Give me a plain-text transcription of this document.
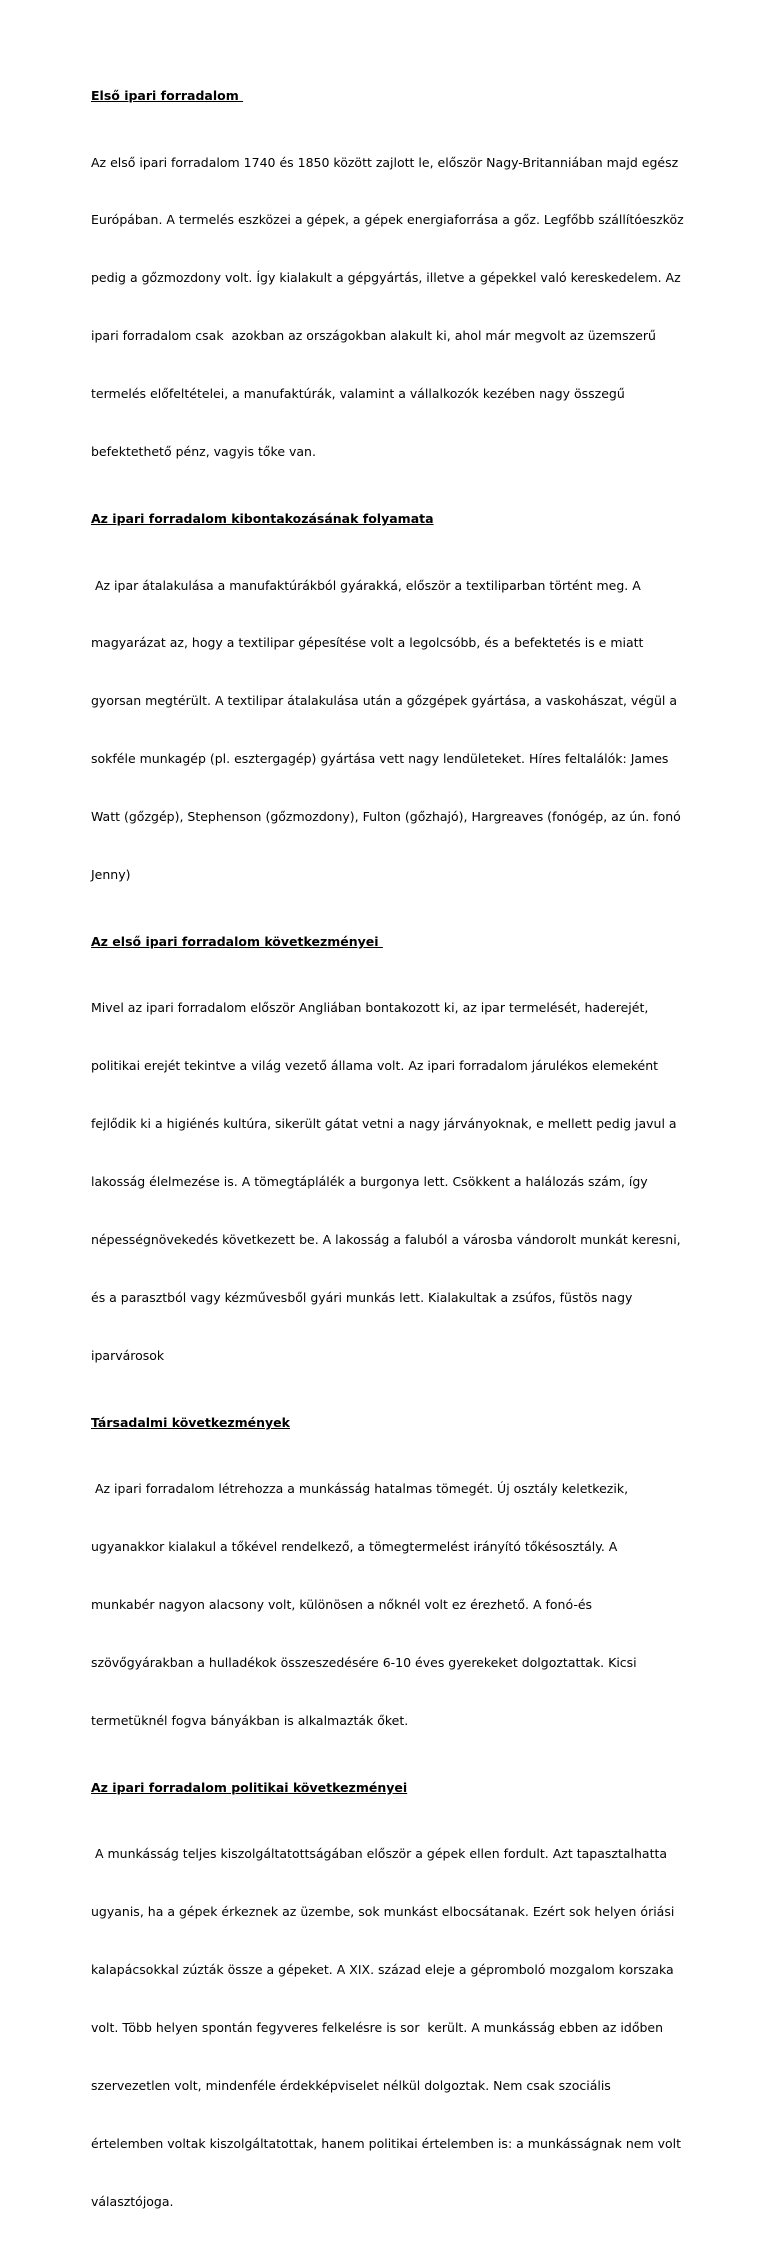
Első ipari forradalom

Az első ipari forradalom 1740 és 1850 között zajlott le, először Nagy-Britanniában majd egész

Európában. A termelés eszközei a gépek, a gépek energiaforrása a gőz. Legfőbb szállítóeszköz

pedig a gőzmozdony volt. Így kialakult a gépgyártás, illetve a gépekkel való kereskedelem. Az

ipari forradalom csak  azokban az országokban alakult ki, ahol már megvolt az üzemszerű

termelés előfeltételei, a manufaktúrák, valamint a vállalkozók kezében nagy összegű

befektethető pénz, vagyis tőke van.

Az ipari forradalom kibontakozásának folyamata

Az ipar átalakulása a manufaktúrákból gyárakká, először a textiliparban történt meg. A

magyarázat az, hogy a textilipar gépesítése volt a legolcsóbb, és a befektetés is e miatt

gyorsan megtérült. A textilipar átalakulása után a gőzgépek gyártása, a vaskohászat, végül a

sokféle munkagép (pl. esztergagép) gyártása vett nagy lendületeket. Híres feltalálók: James

Watt (gőzgép), Stephenson (gőzmozdony), Fulton (gőzhajó), Hargreaves (fonógép, az ún. fonó

Jenny)

Az első ipari forradalom következményei

Mivel az ipari forradalom először Angliában bontakozott ki, az ipar termelését, haderejét,

politikai erejét tekintve a világ vezető állama volt. Az ipari forradalom járulékos elemeként

fejlődik ki a higiénés kultúra, sikerült gátat vetni a nagy járványoknak, e mellett pedig javul a

lakosság élelmezése is. A tömegtáplálék a burgonya lett. Csökkent a halálozás szám, így

népességnövekedés következett be. A lakosság a faluból a városba vándorolt munkát keresni,

és a parasztból vagy kézművesből gyári munkás lett. Kialakultak a zsúfos, füstös nagy

iparvárosok

Társadalmi következmények

Az ipari forradalom létrehozza a munkásság hatalmas tömegét. Új osztály keletkezik,

ugyanakkor kialakul a tőkével rendelkező, a tömegtermelést irányító tőkésosztály. A

munkabér nagyon alacsony volt, különösen a nőknél volt ez érezhető. A fonó-és

szövőgyárakban a hulladékok összeszedésére 6-10 éves gyerekeket dolgoztattak. Kicsi

termetüknél fogva bányákban is alkalmazták őket.

Az ipari forradalom politikai következményei

A munkásság teljes kiszolgáltatottságában először a gépek ellen fordult. Azt tapasztalhatta

ugyanis, ha a gépek érkeznek az üzembe, sok munkást elbocsátanak. Ezért sok helyen óriási

kalapácsokkal zúzták össze a gépeket. A XIX. század eleje a gépromboló mozgalom korszaka

volt. Több helyen spontán fegyveres felkelésre is sor  került. A munkásság ebben az időben

szervezetlen volt, mindenféle érdekképviselet nélkül dolgoztak. Nem csak szociális

értelemben voltak kiszolgáltatottak, hanem politikai értelemben is: a munkásságnak nem volt

választójoga.
